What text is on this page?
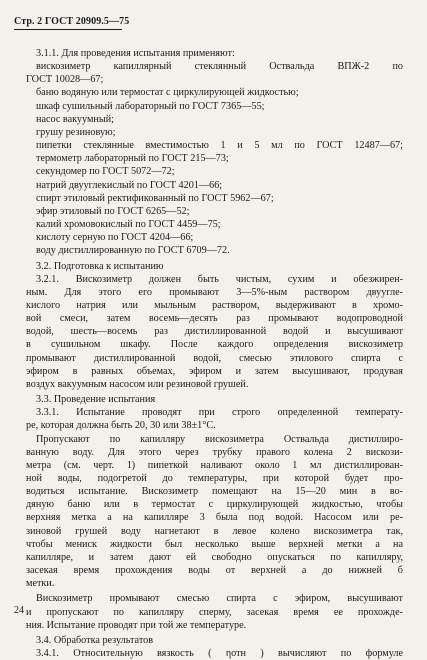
Стр. 2 ГОСТ 20909.5—75
3.1.1. Для проведения испытания применяют:
вискозиметр капиллярный стеклянный Оствальда ВПЖ-2 по
ГОСТ 10028—67;
баню водяную или термостат с циркулирующей жидкостью;
шкаф сушильный лабораторный по ГОСТ 7365—55;
насос вакуумный;
грушу резиновую;
пипетки стеклянные вместимостью 1 и 5 мл по ГОСТ 12487—67;
термометр лабораторный по ГОСТ 215—73;
секундомер по ГОСТ 5072—72;
натрий двууглекислый по ГОСТ 4201—66;
спирт этиловый ректификованный по ГОСТ 5962—67;
эфир этиловый по ГОСТ 6265—52;
калий хромовокислый по ГОСТ 4459—75;
кислоту серную по ГОСТ 4204—66;
воду дистиллированную по ГОСТ 6709—72.
3.2. Подготовка к испытанию
3.2.1. Вискозиметр должен быть чистым, сухим и обезжирен-
ным. Для этого его промывают 3—5%-ным раствором двуугле-
кислого натрия или мыльным раствором, выдерживают в хромо-
вой смеси, затем восемь—десять раз промывают водопроводной
водой, шесть—восемь раз дистиллированной водой и высушивают
в сушильном шкафу. После каждого определения вискозиметр
промывают дистиллированной водой, смесью этилового спирта с
эфиром в равных объемах, эфиром и затем высушивают, продувая
воздух вакуумным насосом или резиновой грушей.
3.3. Проведение испытания
3.3.1. Испытание проводят при строго определенной температу-
ре, которая должна быть 20, 30 или 38±1°С.
Пропускают по капилляру вискозиметра Оствальда дистиллиро-
ванную воду. Для этого через трубку правого колена 2 вискози-
метра (см. черт. 1) пипеткой наливают около 1 мл дистиллирован-
ной воды, подогретой до температуры, при которой будет про-
водиться испытание. Вискозиметр помещают на 15—20 мин в во-
дяную баню или в термостат с циркулирующей жидкостью, чтобы
верхняя метка а на капилляре 3 была под водой. Насосом или ре-
зиновой грушей воду нагнетают в левое колено вискозиметра так,
чтобы мениск жидкости был несколько выше верхней метки а на
капилляре, и затем дают ей свободно опускаться по капилляру,
засекая время прохождения воды от верхней а до нижней б
метки.
Вискозиметр промывают смесью спирта с эфиром, высушивают
и пропускают по капилляру сперму, засекая время ее прохожде-
ния. Испытание проводят при той же температуре.
3.4. Обработка результатов
3.4.1. Относительную вязкость ( ηотн ) вычисляют по формуле
24
